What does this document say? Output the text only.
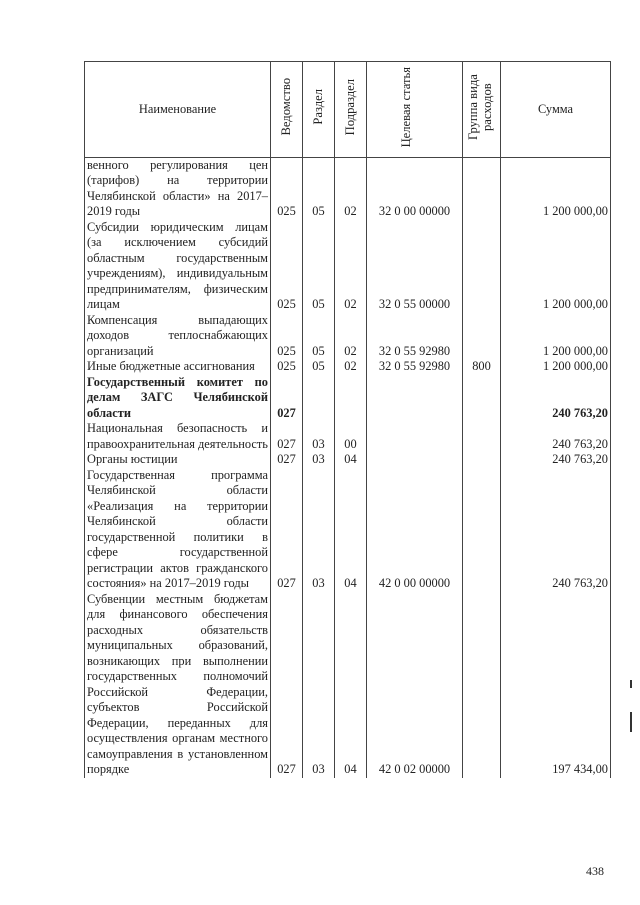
Наименование	Ведомство	Раздел	Подраздел	Целевая статья	Группа вида расходов	Сумма
венного регулирования цен (тарифов) на территории Челябинской области» на 2017–2019 годы	025	05	02	32 0 00 00000		1 200 000,00
Субсидии юридическим лицам (за исключением субсидий областным государственным учреждениям), индивидуальным предпринимателям, физическим лицам	025	05	02	32 0 55 00000		1 200 000,00
Компенсация выпадающих доходов теплоснабжающих организаций	025	05	02	32 0 55 92980		1 200 000,00
Иные бюджетные ассигнования	025	05	02	32 0 55 92980	800	1 200 000,00
Государственный комитет по делам ЗАГС Челябинской области	027					240 763,20
Национальная безопасность и правоохранительная деятельность	027	03	00			240 763,20
Органы юстиции	027	03	04			240 763,20
Государственная программа Челябинской области «Реализация на территории Челябинской области государственной политики в сфере государственной регистрации актов гражданского состояния» на 2017–2019 годы	027	03	04	42 0 00 00000		240 763,20
Субвенции местным бюджетам для финансового обеспечения расходных обязательств муниципальных образований, возникающих при выполнении государственных полномочий Российской Федерации, субъектов Российской Федерации, переданных для осуществления органам местного самоуправления в установленном порядке	027	03	04	42 0 02 00000		197 434,00
438
